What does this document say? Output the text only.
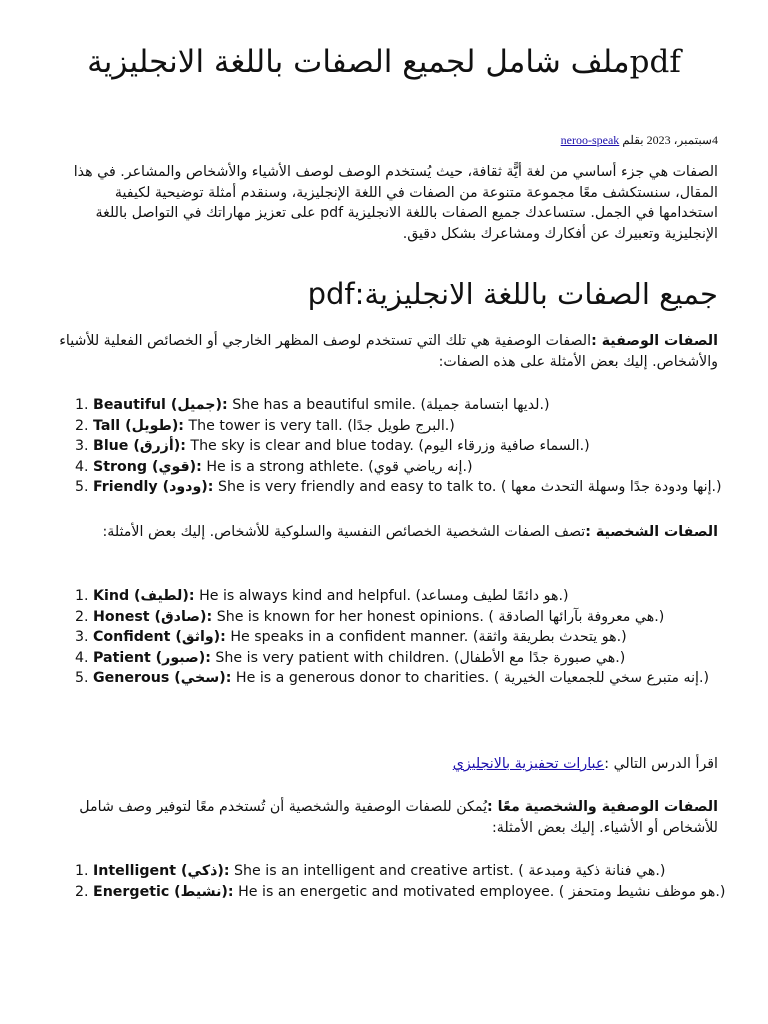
ملف شامل لجميع الصفات باللغة الانجليزيةpdf
4سبتمبر، 2023 بقلم neroo-speak

الصفات هي جزء أساسي من لغة أيًّة ثقافة، حيث يُستخدم الوصف لوصف الأشياء والأشخاص والمشاعر. في هذا المقال، سنستكشف معًا مجموعة متنوعة من الصفات في اللغة الإنجليزية، وسنقدم أمثلة توضيحية لكيفية استخدامها في الجمل. ستساعدك جميع الصفات باللغة الانجليزية pdf على تعزيز مهاراتك في التواصل باللغة الإنجليزية وتعبيرك عن أفكارك ومشاعرك بشكل دقيق.

جميع الصفات باللغة الانجليزية:pdf

الصفات الوصفية :الصفات الوصفية هي تلك التي تستخدم لوصف المظهر الخارجي أو الخصائص الفعلية للأشياء والأشخاص. إليك بعض الأمثلة على هذه الصفات:

1. Beautiful (جميل): She has a beautiful smile. (لديها ابتسامة جميلة.)
2. Tall (طويل): The tower is very tall. (البرج طويل جدًا.)
3. Blue (أزرق): The sky is clear and blue today. (السماء صافية وزرقاء اليوم.)
4. Strong (قوي): He is a strong athlete. (إنه رياضي قوي.)
5. Friendly (ودود): She is very friendly and easy to talk to. ( إنها ودودة جدًا وسهلة التحدث معها.)

الصفات الشخصية :تصف الصفات الشخصية الخصائص النفسية والسلوكية للأشخاص. إليك بعض الأمثلة:

1. Kind (لطيف): He is always kind and helpful. (هو دائمًا لطيف ومساعد.)
2. Honest (صادق): She is known for her honest opinions. ( هي معروفة بآرائها الصادقة.)
3. Confident (واثق): He speaks in a confident manner. (هو يتحدث بطريقة واثقة.)
4. Patient (صبور): She is very patient with children. (هي صبورة جدًا مع الأطفال.)
5. Generous (سخي): He is a generous donor to charities. ( إنه متبرع سخي للجمعيات الخيرية.)

اقرأ الدرس التالي :عبارات تحفيزية بالانجليزي

الصفات الوصفية والشخصية معًا :يُمكن للصفات الوصفية والشخصية أن تُستخدم معًا لتوفير وصف شامل للأشخاص أو الأشياء. إليك بعض الأمثلة:

1. Intelligent (ذكي): She is an intelligent and creative artist. ( هي فنانة ذكية ومبدعة.)
2. Energetic (نشيط): He is an energetic and motivated employee. ( هو موظف نشيط ومتحفز.)
